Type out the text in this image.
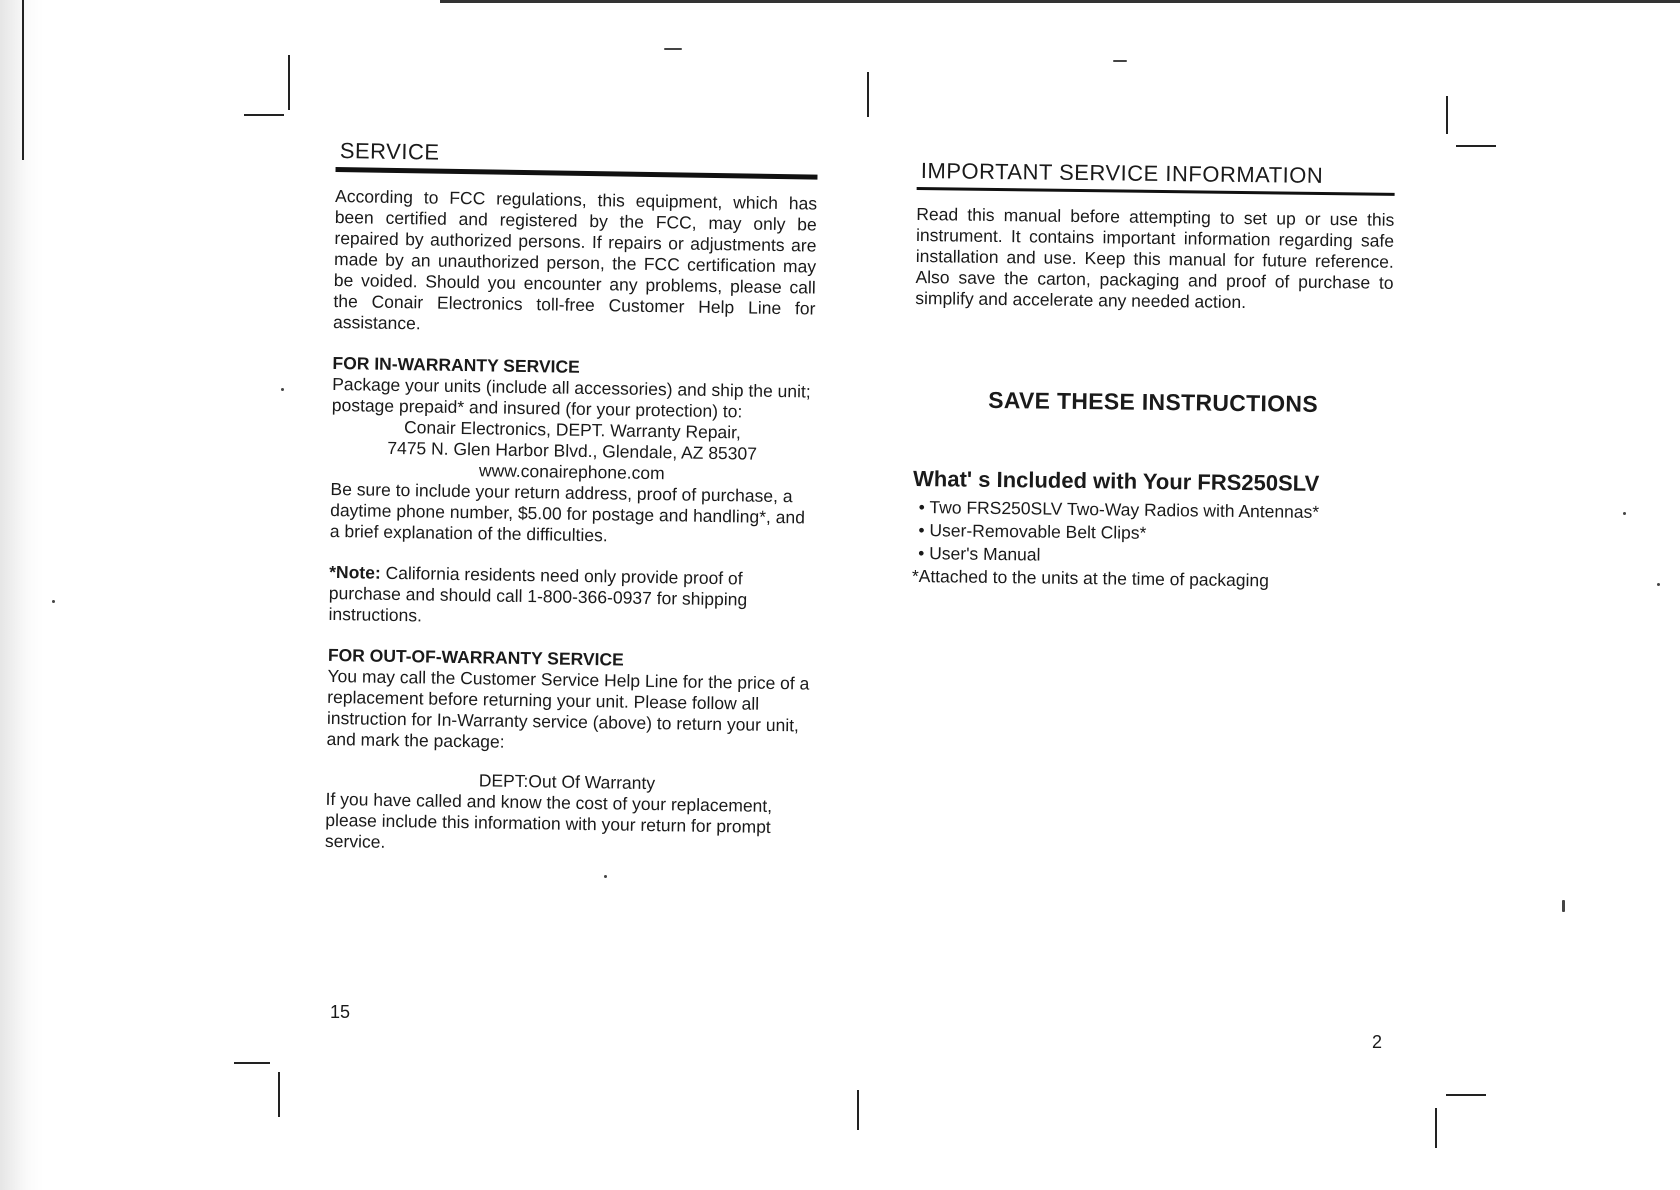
SERVICE

According to FCC regulations, this equipment, which has been certified and registered by the FCC, may only be repaired by authorized persons. If repairs or adjustments are made by an unauthorized person, the FCC certification may be voided. Should you encounter any problems, please call the Conair Electronics toll-free Customer Help Line for assistance.

FOR IN-WARRANTY SERVICE

Package your units (include all accessories) and ship the unit; postage prepaid* and insured (for your protection) to:

Conair Electronics, DEPT. Warranty Repair,

7475 N. Glen Harbor Blvd., Glendale, AZ 85307

www.conairephone.com

Be sure to include your return address, proof of purchase, a daytime phone number, $5.00 for postage and handling*, and a brief explanation of the difficulties.

*Note: California residents need only provide proof of purchase and should call 1-800-366-0937 for shipping instructions.

FOR OUT-OF-WARRANTY SERVICE

You may call the Customer Service Help Line for the price of a replacement before returning your unit. Please follow all instruction for In-Warranty service (above) to return your unit, and mark the package:

DEPT:Out Of Warranty

If you have called and know the cost of your replacement, please include this information with your return for prompt service.

15
IMPORTANT SERVICE INFORMATION

Read this manual before attempting to set up or use this instrument. It contains important information regarding safe installation and use. Keep this manual for future reference. Also save the carton, packaging and proof of purchase to simplify and accelerate any needed action.

SAVE THESE INSTRUCTIONS
What' s Included with Your FRS250SLV
• Two FRS250SLV Two-Way Radios with Antennas*
• User-Removable Belt Clips*
• User's Manual

*Attached to the units at the time of packaging

2
